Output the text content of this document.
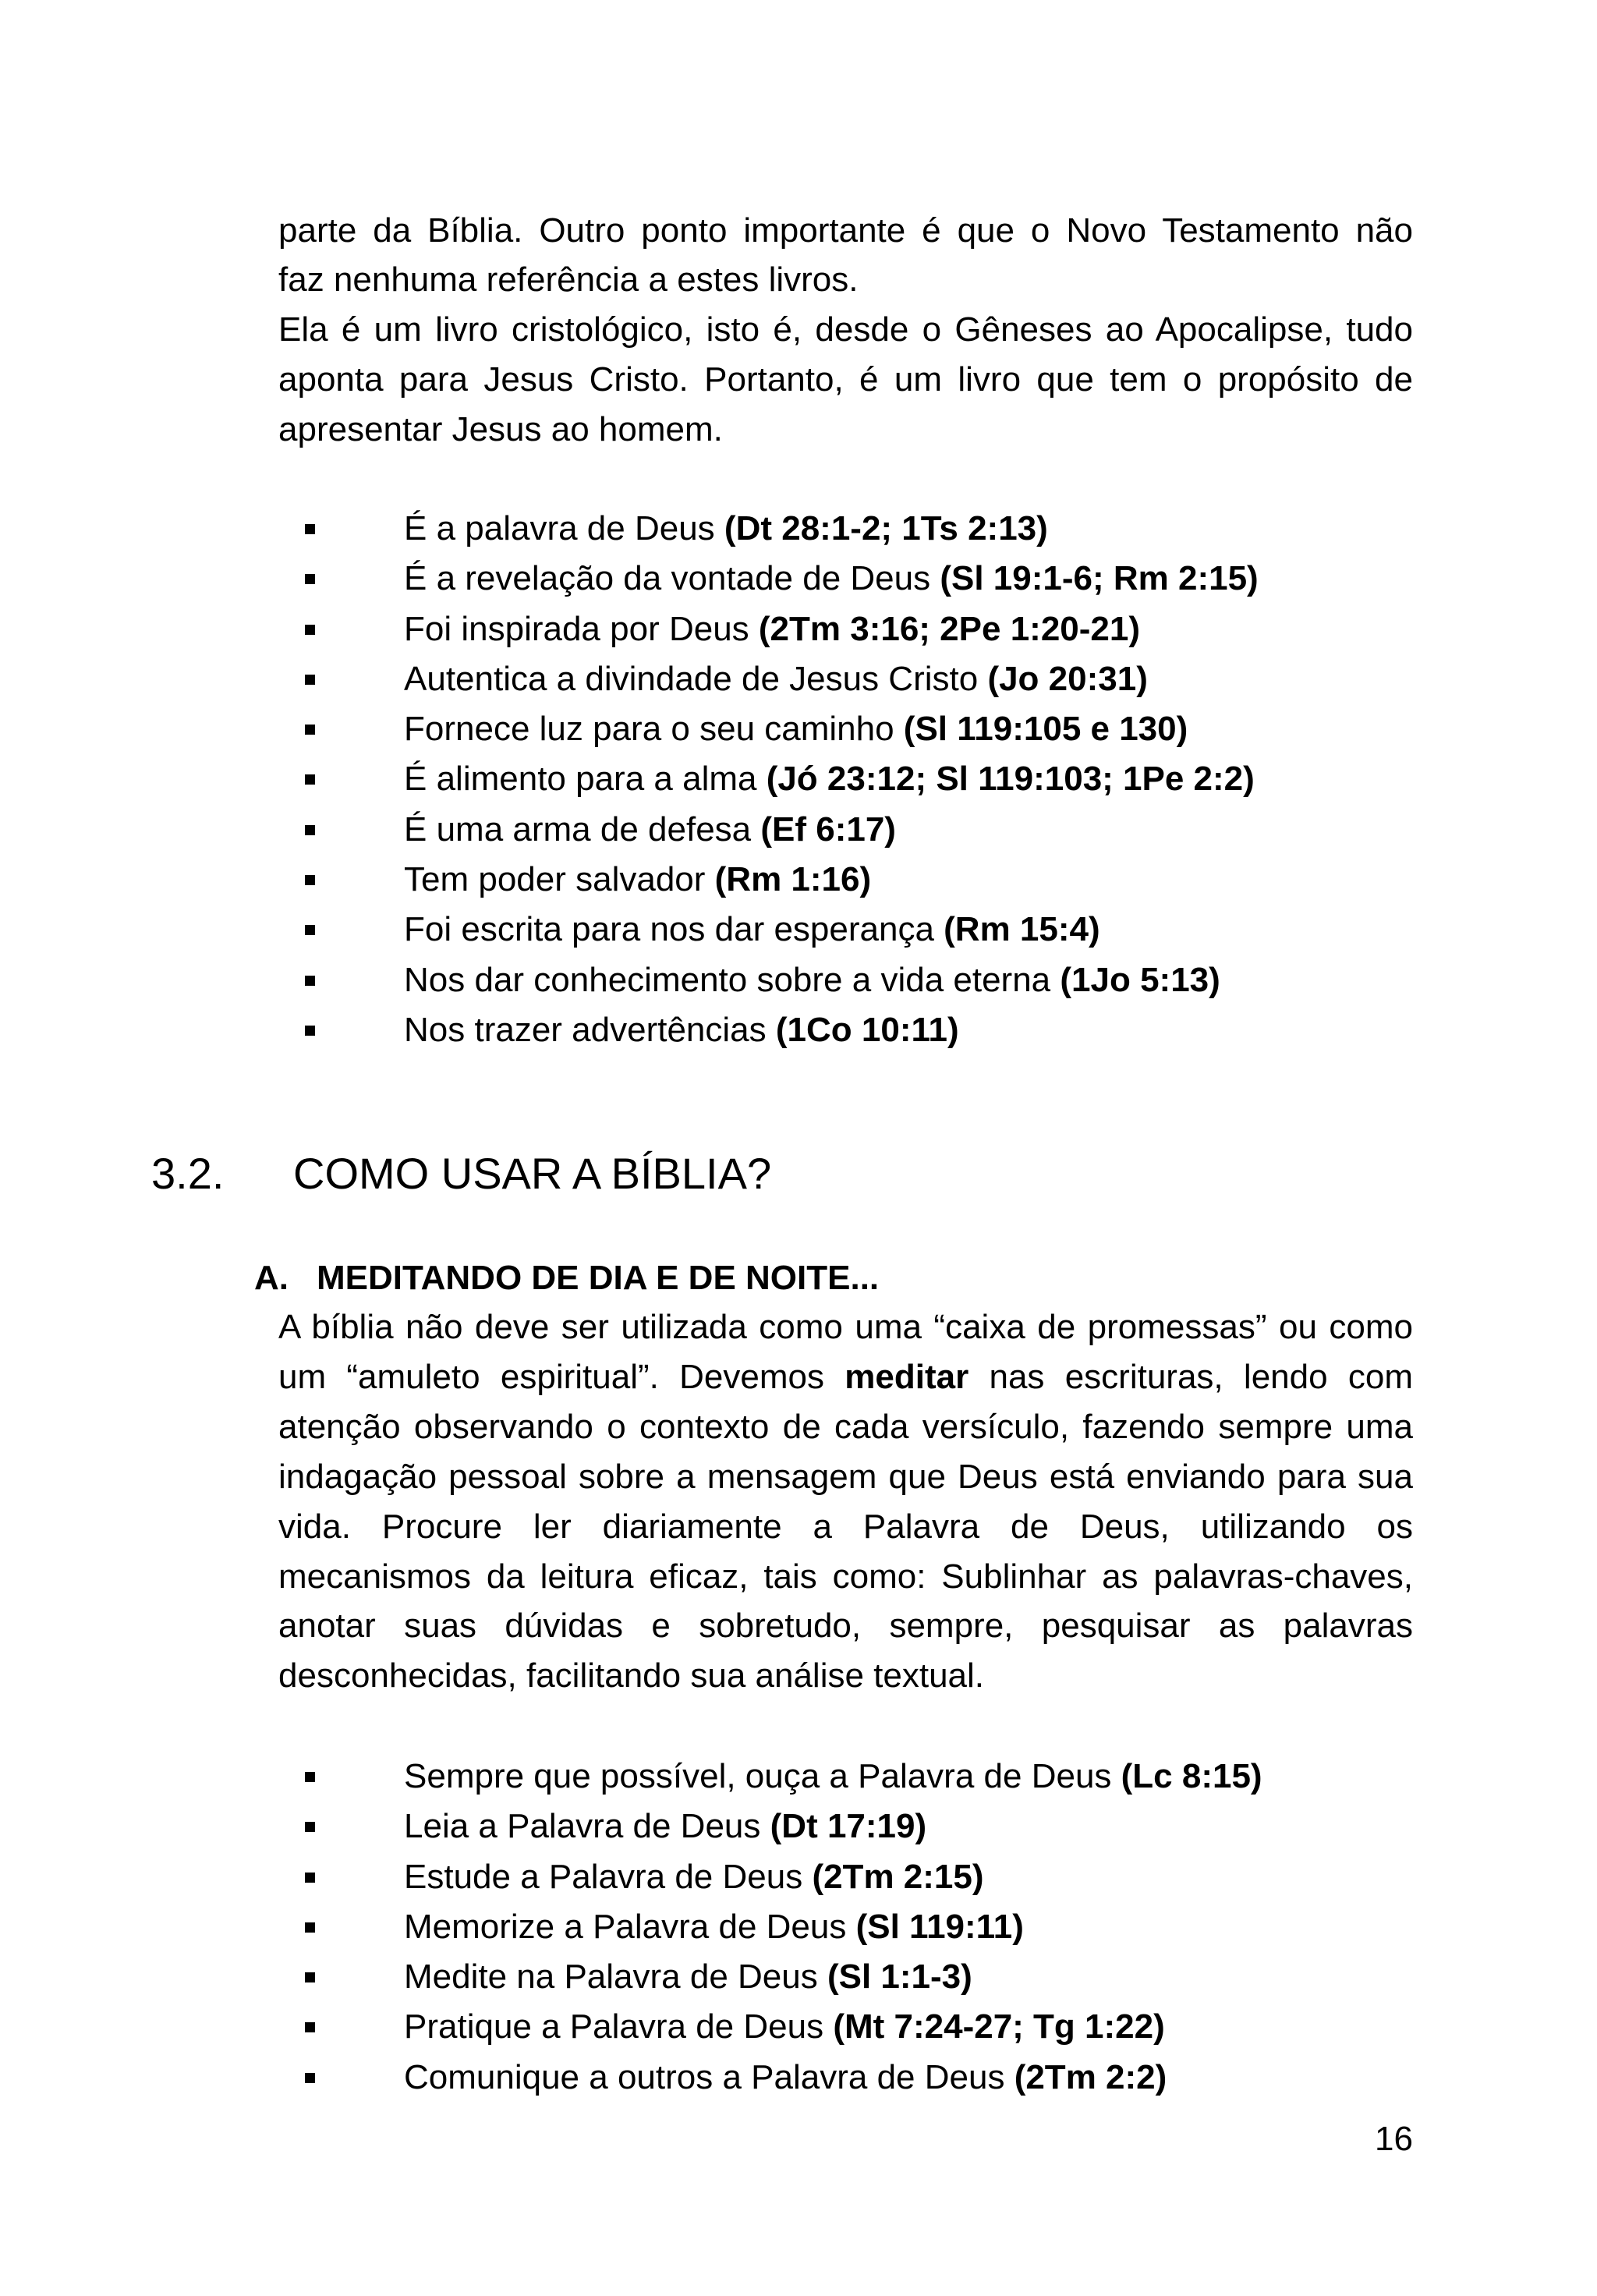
parte da Bíblia. Outro ponto importante é que o Novo Testamento não
faz nenhuma referência a estes livros.
Ela é um livro cristológico, isto é, desde o Gêneses ao Apocalipse, tudo aponta para Jesus Cristo. Portanto, é um livro que tem o propósito de apresentar Jesus ao homem.
É a palavra de Deus (Dt 28:1-2; 1Ts 2:13)
É a revelação da vontade de Deus (Sl 19:1-6; Rm 2:15)
Foi inspirada por Deus (2Tm 3:16; 2Pe 1:20-21)
Autentica a divindade de Jesus Cristo (Jo 20:31)
Fornece luz para o seu caminho (Sl 119:105 e 130)
É alimento para a alma (Jó 23:12; Sl 119:103; 1Pe 2:2)
É uma arma de defesa (Ef 6:17)
Tem poder salvador (Rm 1:16)
Foi escrita para nos dar esperança (Rm 15:4)
Nos dar conhecimento sobre a vida eterna (1Jo 5:13)
Nos trazer advertências (1Co 10:11)
3.2. COMO USAR A BÍBLIA?
A. MEDITANDO DE DIA E DE NOITE...
A bíblia não deve ser utilizada como uma “caixa de promessas” ou como um “amuleto espiritual”. Devemos meditar nas escrituras, lendo com atenção observando o contexto de cada versículo, fazendo sempre uma indagação pessoal sobre a mensagem que Deus está enviando para sua vida. Procure ler diariamente a Palavra de Deus, utilizando os mecanismos da leitura eficaz, tais como: Sublinhar as palavras-chaves, anotar suas dúvidas e sobretudo, sempre, pesquisar as palavras desconhecidas, facilitando sua análise textual.
Sempre que possível, ouça a Palavra de Deus (Lc 8:15)
Leia a Palavra de Deus (Dt 17:19)
Estude a Palavra de Deus (2Tm 2:15)
Memorize a Palavra de Deus (Sl 119:11)
Medite na Palavra de Deus (Sl 1:1-3)
Pratique a Palavra de Deus (Mt 7:24-27; Tg 1:22)
Comunique a outros a Palavra de Deus (2Tm 2:2)
16
